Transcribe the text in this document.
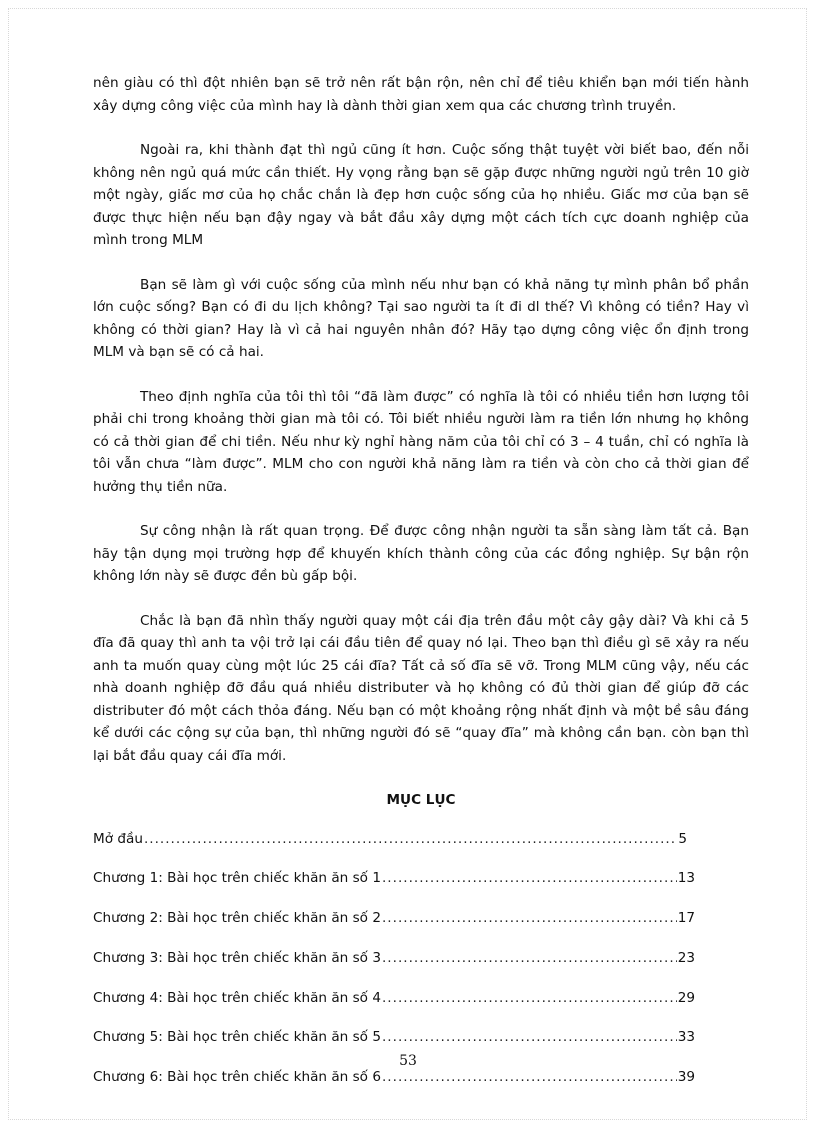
nên giàu có thì đột nhiên bạn sẽ trở nên rất bận rộn, nên chỉ để tiêu khiển bạn mới tiến hành xây dựng công việc của mình hay là dành thời gian xem qua các chương trình truyền.

Ngoài ra, khi thành đạt thì ngủ cũng ít hơn. Cuộc sống thật tuyệt vời biết bao, đến nỗi không nên ngủ quá mức cần thiết. Hy vọng rằng bạn sẽ gặp được những người ngủ trên 10 giờ một ngày, giấc mơ của họ chắc chắn là đẹp hơn cuộc sống của họ nhiều. Giấc mơ của bạn sẽ được thực hiện nếu bạn đậy ngay và bắt đầu xây dựng một cách tích cực doanh nghiệp của mình trong MLM

Bạn sẽ làm gì với cuộc sống của mình nếu như bạn có khả năng tự mình phân bổ phần lớn cuộc sống? Bạn có đi du lịch không? Tại sao người ta ít đi dl thế? Vì không có tiền? Hay vì không có thời gian? Hay là vì cả hai nguyên nhân đó? Hãy tạo dựng công việc ổn định trong MLM và bạn sẽ có cả hai.

Theo định nghĩa của tôi thì tôi “đã làm được” có nghĩa là tôi có nhiều tiền hơn lượng tôi phải chi trong khoảng thời gian mà tôi có. Tôi biết nhiều người làm ra tiền lớn nhưng họ không có cả thời gian để chi tiền. Nếu như kỳ nghỉ hàng năm của tôi chỉ có 3 – 4 tuần, chỉ có nghĩa là tôi vẫn chưa “làm được”. MLM cho con người khả năng làm ra tiền và còn cho cả thời gian để hưởng thụ tiền nữa.

Sự công nhận là rất quan trọng. Để được công nhận người ta sẵn sàng làm tất cả. Bạn hãy tận dụng mọi trường hợp để khuyến khích thành công của các đồng nghiệp. Sự bận rộn không lớn này sẽ được đền bù gấp bội.

Chắc là bạn đã nhìn thấy người quay một cái địa trên đầu một cây gậy dài? Và khi cả 5 đĩa đã quay thì anh ta vội trở lại cái đầu tiên để quay nó lại. Theo bạn thì điều gì sẽ xảy ra nếu anh ta muốn quay cùng một lúc 25 cái đĩa? Tất cả số đĩa sẽ vỡ. Trong MLM cũng vậy, nếu các nhà doanh nghiệp đỡ đầu quá nhiều distributer và họ không có đủ thời gian để giúp đỡ các distributer đó một cách thỏa đáng. Nếu bạn có một khoảng rộng nhất định và một bề sâu đáng kể dưới các cộng sự của bạn, thì những người đó sẽ “quay đĩa” mà không cần bạn. còn bạn thì lại bắt đầu quay cái đĩa mới.

MỤC LỤC
Mở đầu .....	5
Chương 1: Bài học trên chiếc khăn ăn số 1 .....	13
Chương 2: Bài học trên chiếc khăn ăn số 2 .....	17
Chương 3: Bài học trên chiếc khăn ăn số 3 .....	23
Chương 4: Bài học trên chiếc khăn ăn số 4 .....	29
Chương 5: Bài học trên chiếc khăn ăn số 5 .....	33
Chương 6: Bài học trên chiếc khăn ăn số 6 .....	39
53
